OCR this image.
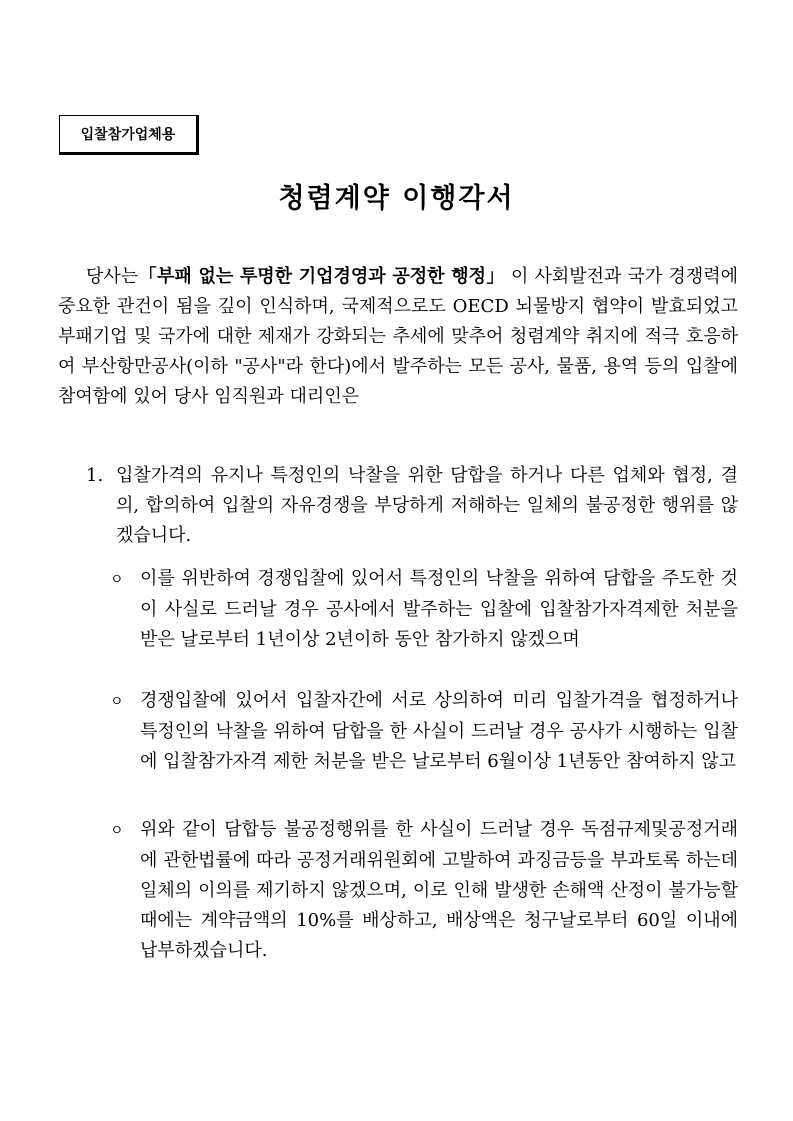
입찰참가업체용
청렴계약 이행각서

당사는「부패 없는 투명한 기업경영과 공정한 행정」 이 사회발전과 국가 경쟁력에 중요한 관건이 됨을 깊이 인식하며, 국제적으로도 OECD 뇌물방지 협약이 발효되었고 부패기업 및 국가에 대한 제재가 강화되는 추세에 맞추어 청렴계약 취지에 적극 호응하여 부산항만공사(이하 "공사"라 한다)에서 발주하는 모든 공사, 물품, 용역 등의 입찰에 참여함에 있어 당사 임직원과 대리인은

1. 입찰가격의 유지나 특정인의 낙찰을 위한 담합을 하거나 다른 업체와 협정, 결의, 합의하여 입찰의 자유경쟁을 부당하게 저해하는 일체의 불공정한 행위를 않겠습니다.

ㅇ 이를 위반하여 경쟁입찰에 있어서 특정인의 낙찰을 위하여 담합을 주도한 것이 사실로 드러날 경우 공사에서 발주하는 입찰에 입찰참가자격제한 처분을 받은 날로부터 1년이상 2년이하 동안 참가하지 않겠으며

ㅇ 경쟁입찰에 있어서 입찰자간에 서로 상의하여 미리 입찰가격을 협정하거나 특정인의 낙찰을 위하여 담합을 한 사실이 드러날 경우 공사가 시행하는 입찰에 입찰참가자격 제한 처분을 받은 날로부터 6월이상 1년동안 참여하지 않고

ㅇ 위와 같이 담합등 불공정행위를 한 사실이 드러날 경우 독점규제및공정거래에 관한법률에 따라 공정거래위원회에 고발하여 과징금등을 부과토록 하는데 일체의 이의를 제기하지 않겠으며, 이로 인해 발생한 손해액 산정이 불가능할 때에는 계약금액의 10%를 배상하고, 배상액은 청구날로부터 60일 이내에 납부하겠습니다.
